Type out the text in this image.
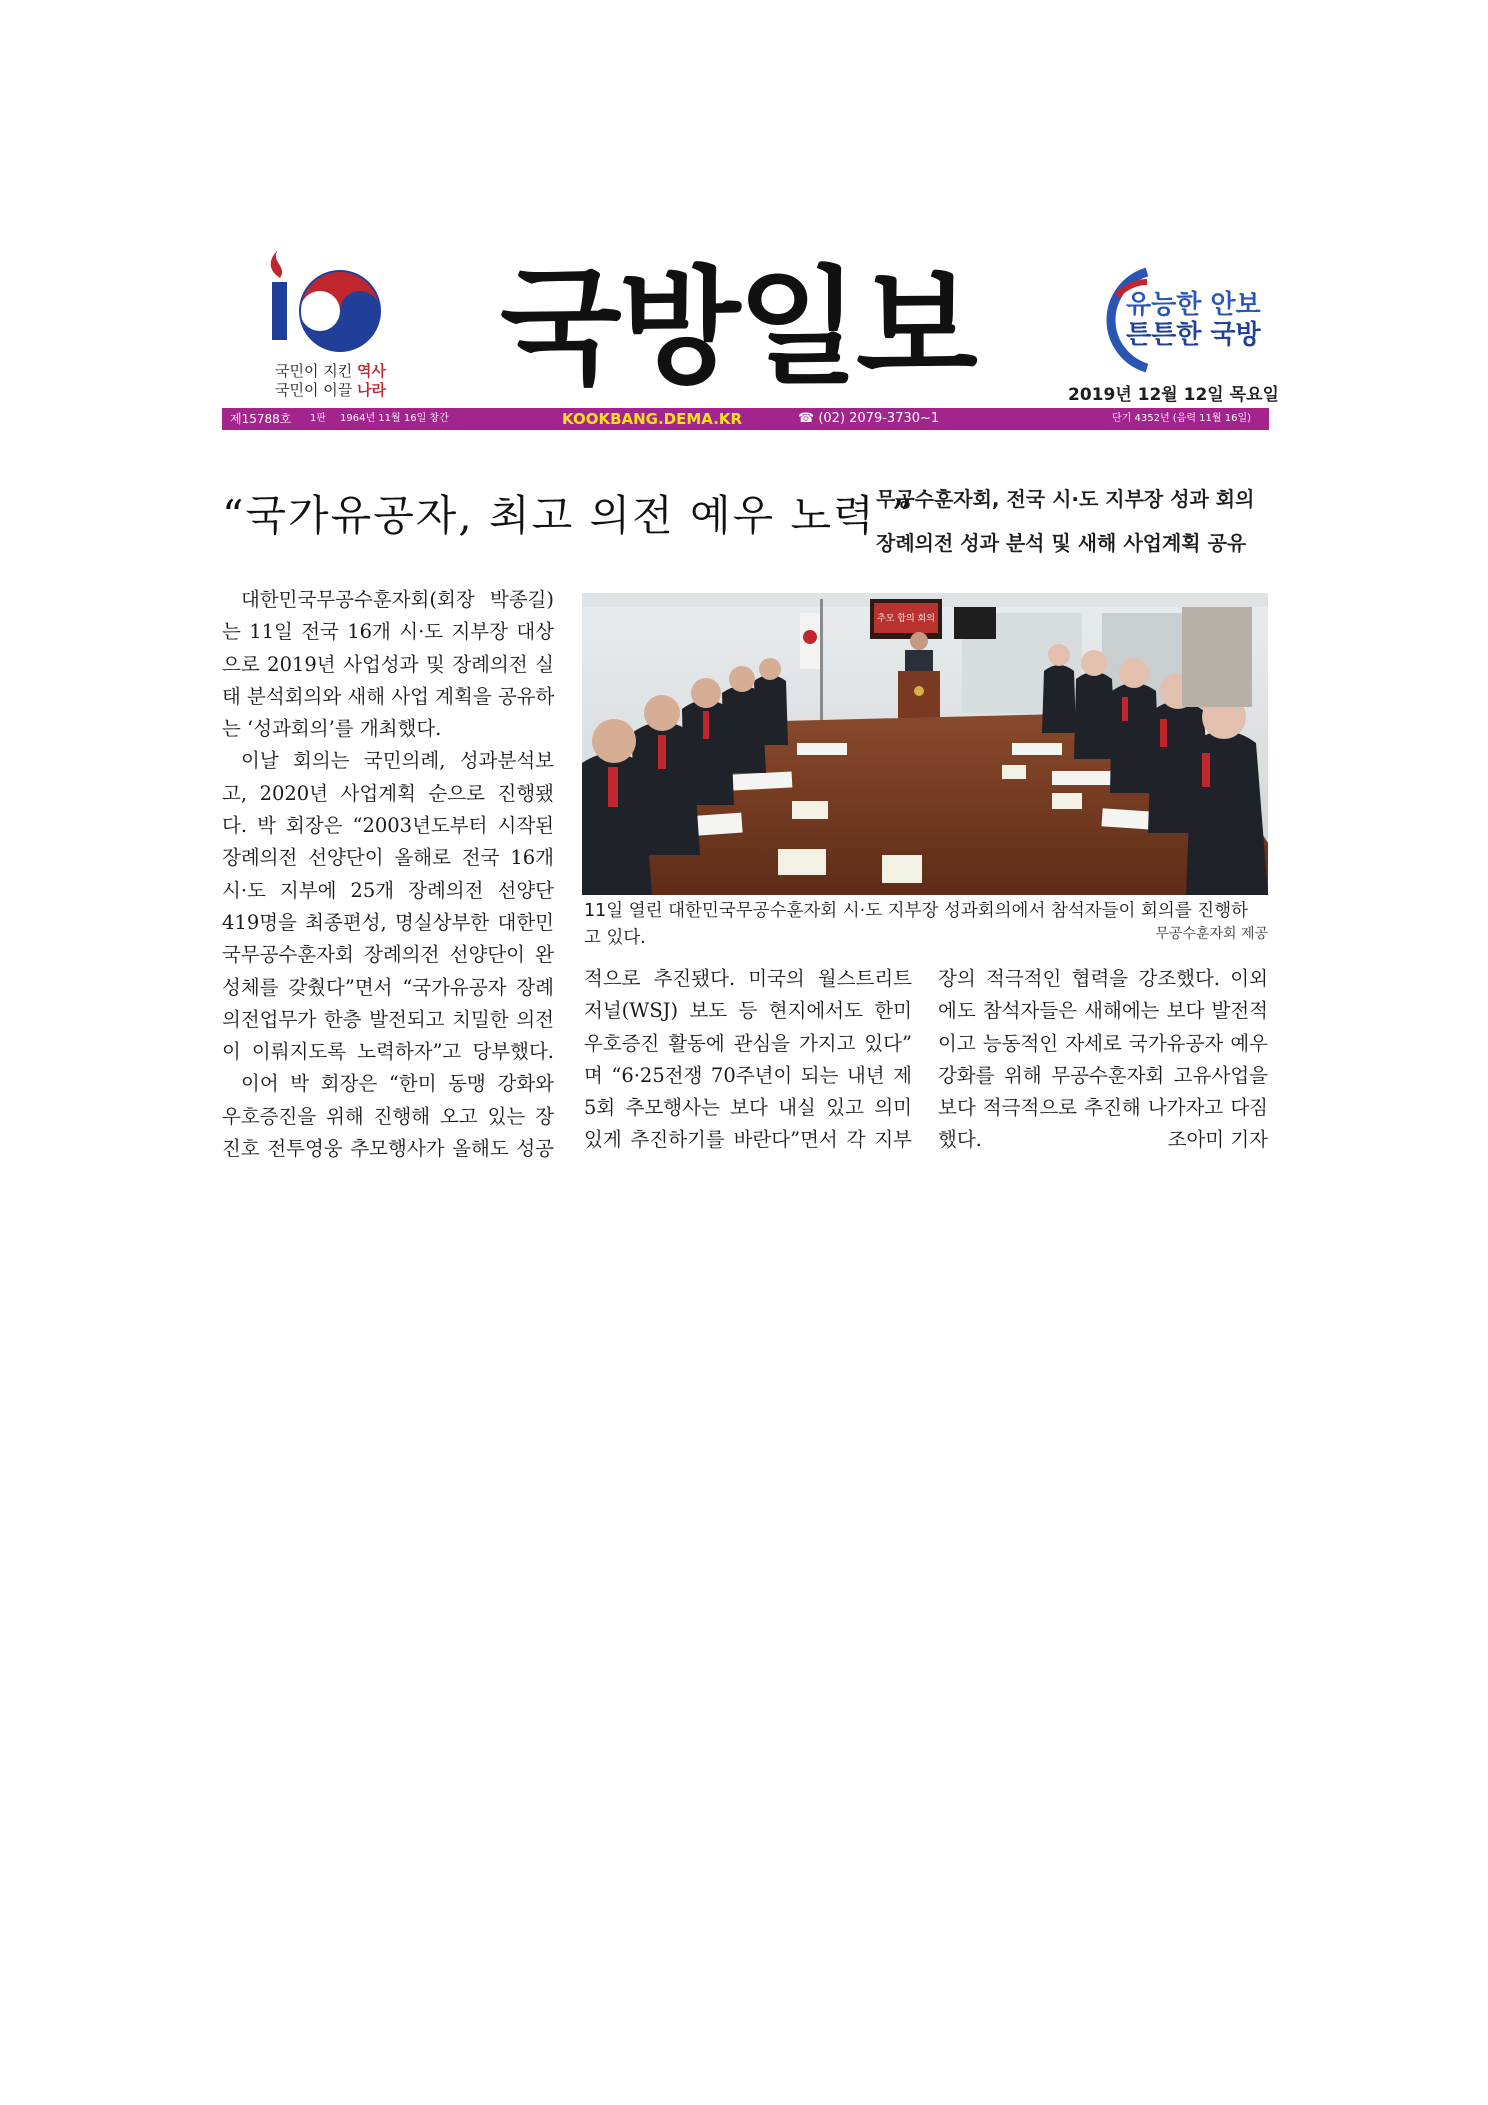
국민이 지킨 역사
국민이 이끌 나라 국방일보	유능한 안보
튼튼한 국방
2019년 12월 12일 목요일
제15788호 1판 1964년 11월 16일 창간	KOOKBANG.DEMA.KR	☎ (02) 2079-3730~1	단기 4352년 (음력 11월 16일)
“국가유공자, 최고 의전 예우 노력 ”
무공수훈자회, 전국 시·도 지부장 성과 회의
장례의전 성과 분석 및 새해 사업계획 공유

대한민국무공수훈자회(회장 박종길)

는 11일 전국 16개 시·도 지부장 대상

으로 2019년 사업성과 및 장례의전 실

태 분석회의와 새해 사업 계획을 공유하

는 ‘성과회의’를 개최했다.

이날 회의는 국민의례, 성과분석보

고, 2020년 사업계획 순으로 진행됐

다. 박 회장은 “2003년도부터 시작된

장례의전 선양단이 올해로 전국 16개

시·도 지부에 25개 장례의전 선양단

419명을 최종편성, 명실상부한 대한민

국무공수훈자회 장례의전 선양단이 완

성체를 갖췄다”면서 “국가유공자 장례

의전업무가 한층 발전되고 치밀한 의전

이 이뤄지도록 노력하자”고 당부했다.

이어 박 회장은 “한미 동맹 강화와

우호증진을 위해 진행해 오고 있는 장

진호 전투영웅 추모행사가 올해도 성공

추모 합의 회의

11일 열린 대한민국무공수훈자회 시·도 지부장 성과회의에서 참석자들이 회의를 진행하

고 있다.	무공수훈자회 제공

적으로 추진됐다. 미국의 월스트리트

저널(WSJ) 보도 등 현지에서도 한미

우호증진 활동에 관심을 가지고 있다”

며 “6·25전쟁 70주년이 되는 내년 제

5회 추모행사는 보다 내실 있고 의미

있게 추진하기를 바란다”면서 각 지부

장의 적극적인 협력을 강조했다. 이외

에도 참석자들은 새해에는 보다 발전적

이고 능동적인 자세로 국가유공자 예우

강화를 위해 무공수훈자회 고유사업을

보다 적극적으로 추진해 나가자고 다짐

했다.	조아미 기자
